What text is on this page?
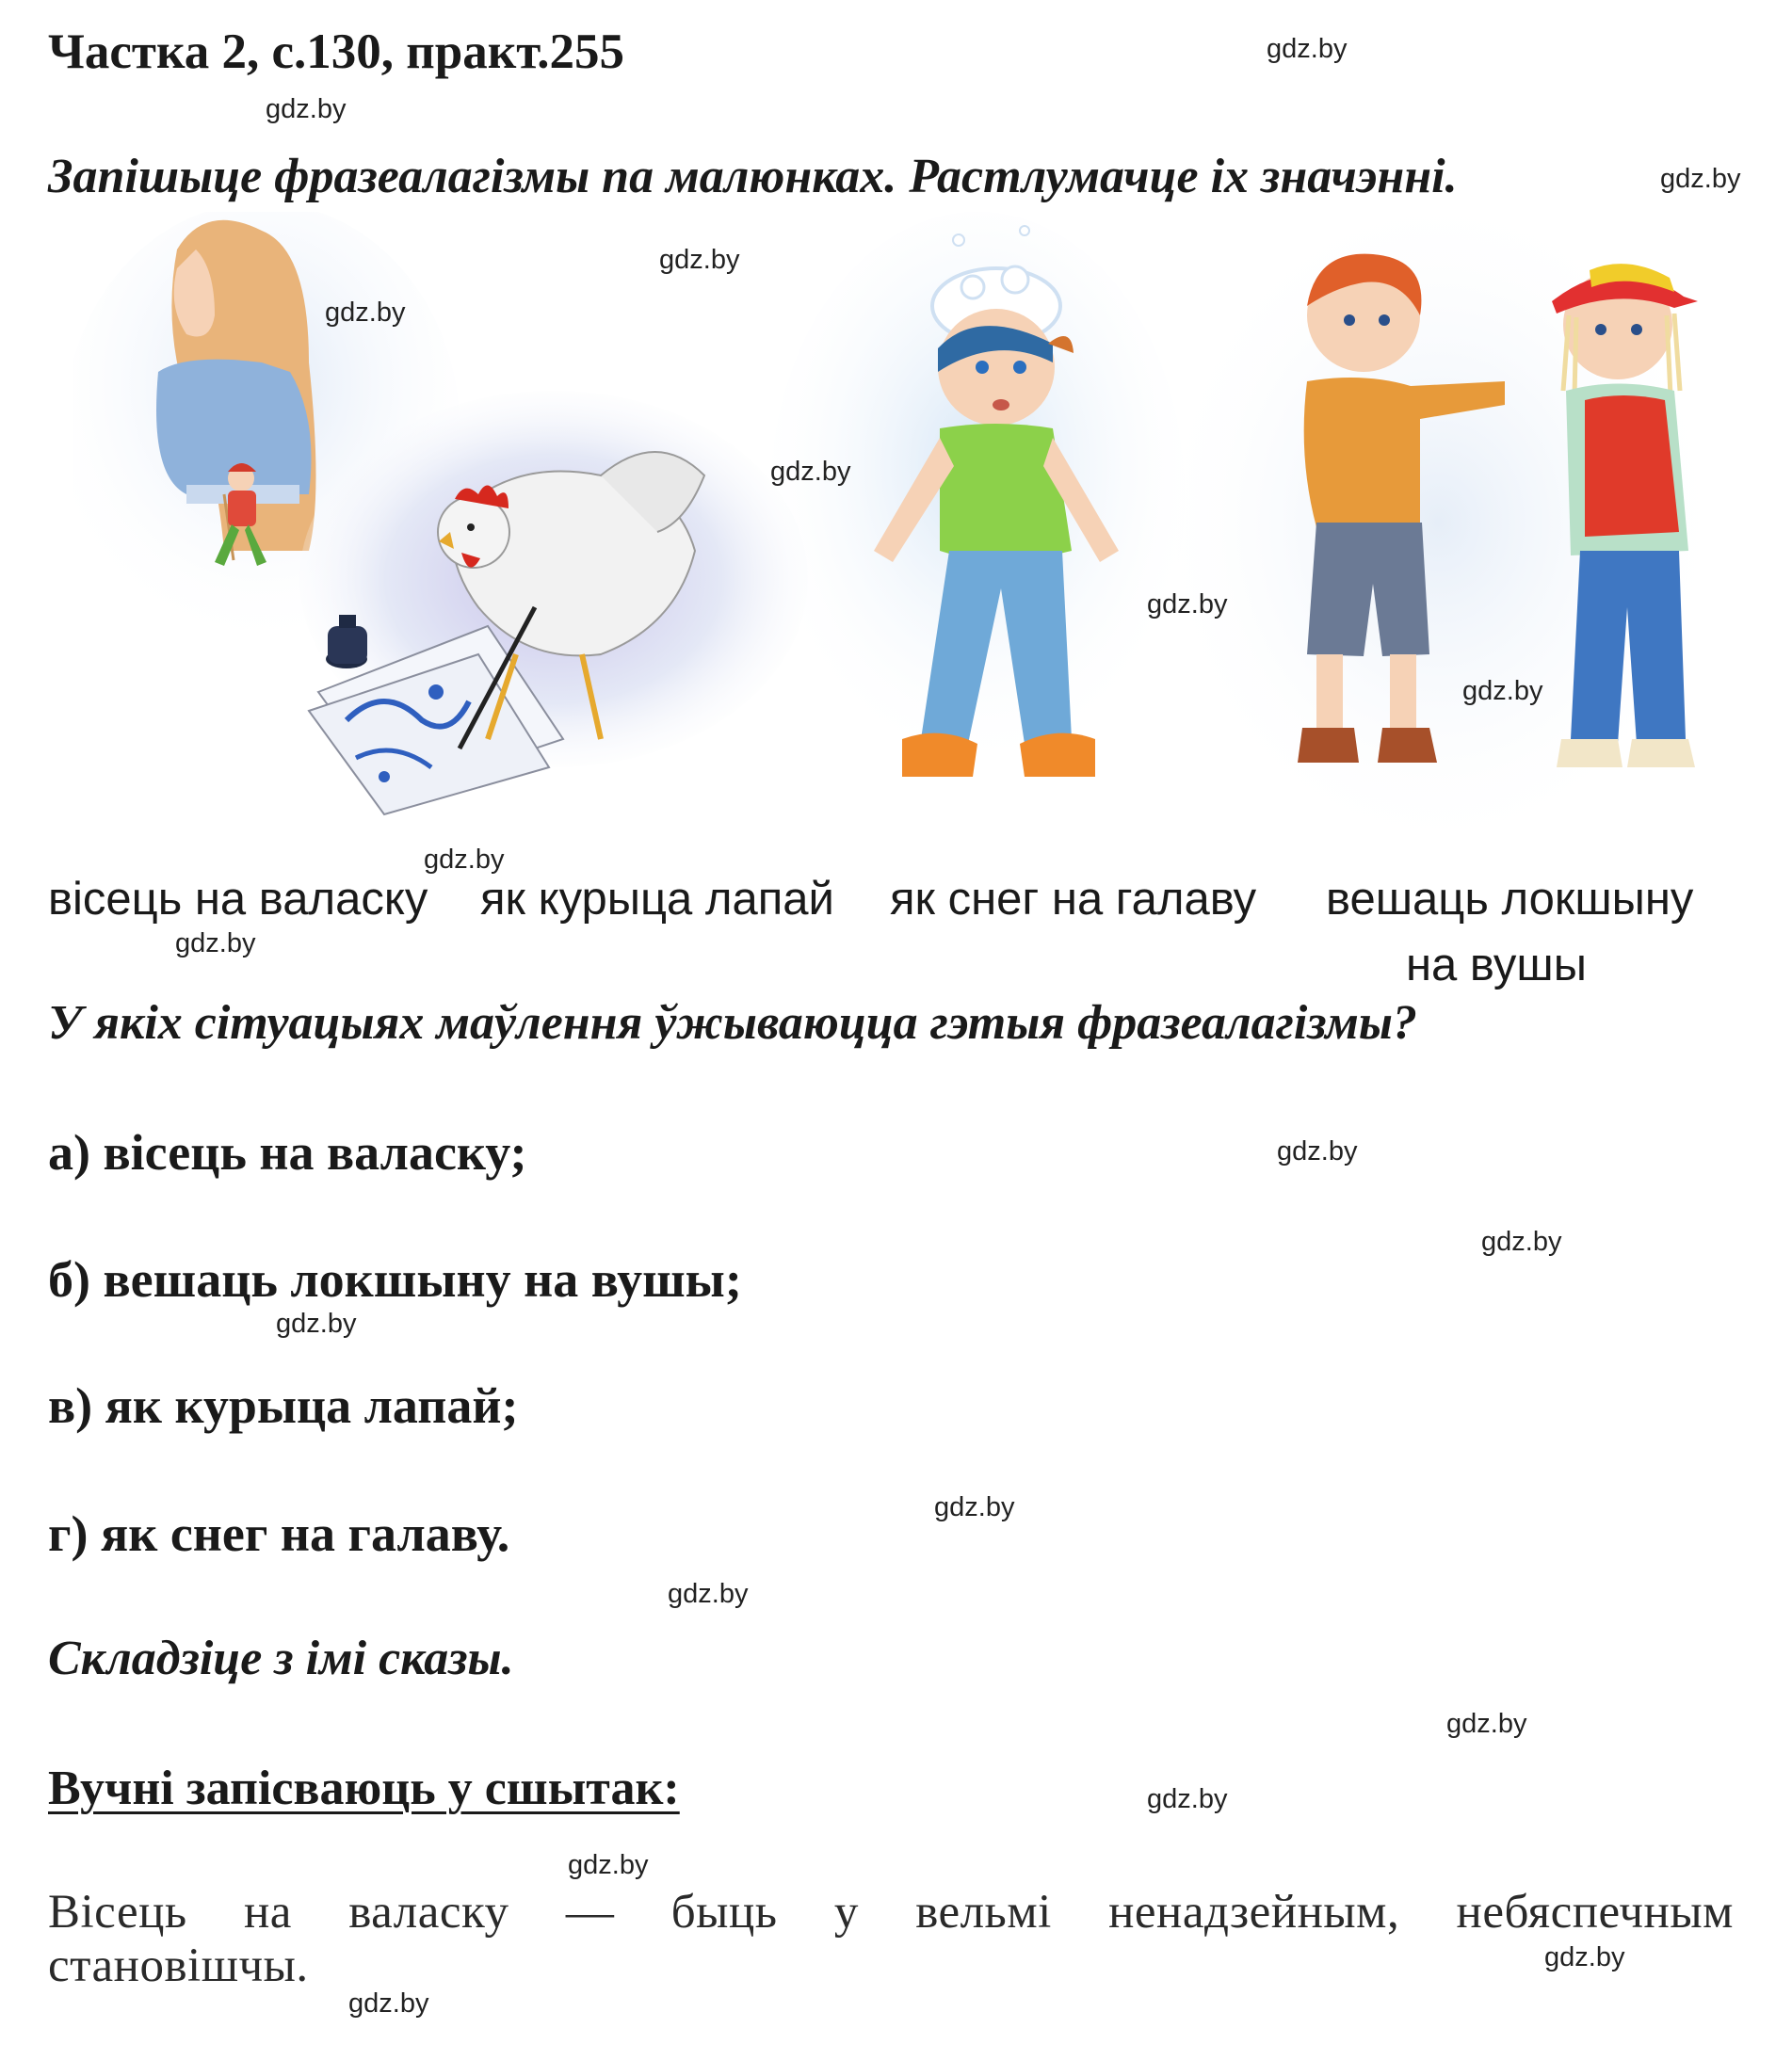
Частка 2, с.130, практ.255
Запішыце фразеалагізмы па малюнках. Растлумачце іх значэнні.
вісець на валаску як курыца лапай як снег на галаву вешаць локшыну
на вушы
У якіх сітуацыях маўлення ўжываюцца гэтыя фразеалагізмы?
а) вісець на валаску;
б) вешаць локшыну на вушы;
в) як курыца лапай;
г) як снег на галаву.
Складзіце з імі сказы.
Вучні запісваюць у сшытак:
Вісець на валаску — быць у вельмі ненадзейным, небяспечным
становішчы.
gdz.by
gdz.by
gdz.by
gdz.by
gdz.by
gdz.by
gdz.by
gdz.by
gdz.by
gdz.by
gdz.by
gdz.by
gdz.by
gdz.by
gdz.by
gdz.by
gdz.by
gdz.by
gdz.by
gdz.by
